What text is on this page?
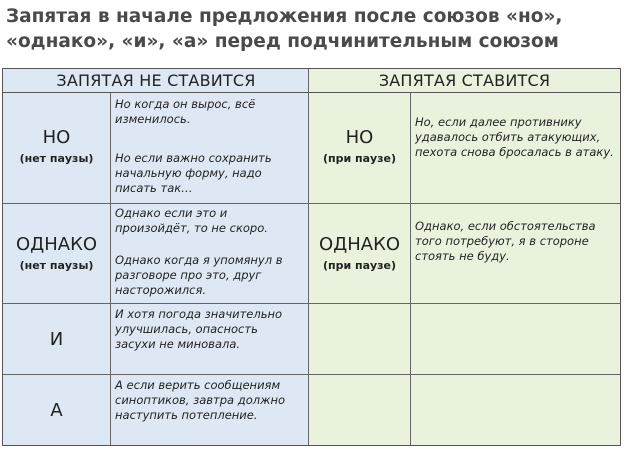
Запятая в начале предложения после союзов «но»,
«однако», «и», «а» перед подчинительным союзом
ЗАПЯТАЯ НЕ СТАВИТСЯ	ЗАПЯТАЯ СТАВИТСЯ
НО
(нет паузы)
Но когда он вырос, всё изменилось.
Но если важно сохранить начальную форму, надо писать так…
НО
(при паузе)
Но, если далее противнику удавалось отбить атакующих, пехота снова бросалась в атаку.
ОДНАКО
(нет паузы)
Однако если это и произойдёт, то не скоро.
Однако когда я упомянул в разговоре про это, друг насторожился.
ОДНАКО
(при паузе)
Однако, если обстоятельства того потребуют, я в стороне стоять не буду.
И
И хотя погода значительно улучшилась, опасность засухи не миновала.
А
А если верить сообщениям синоптиков, завтра должно наступить потепление.
